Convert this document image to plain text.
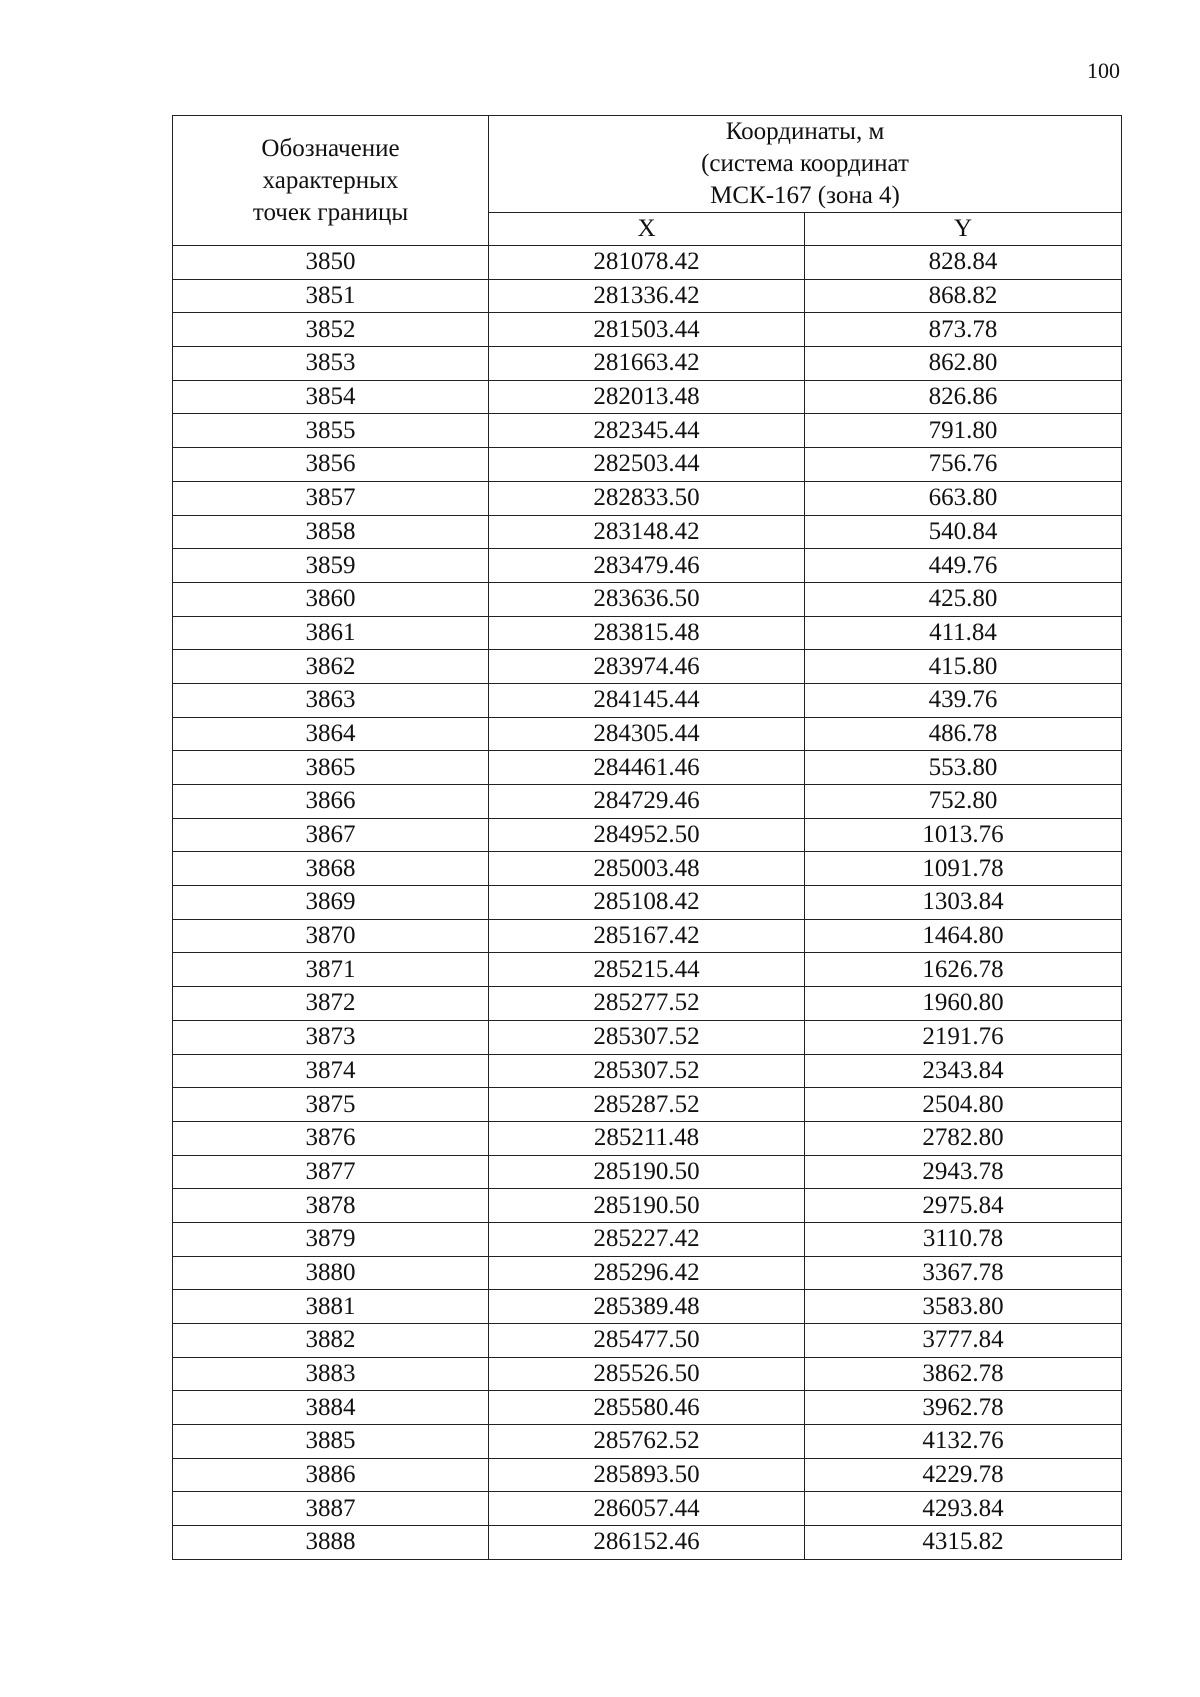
100
Обозначение
характерных
точек границы	Координаты, м
(система координат
МСК-167 (зона 4)	

	X	Y
3850	281078.42	828.84
3851	281336.42	868.82
3852	281503.44	873.78
3853	281663.42	862.80
3854	282013.48	826.86
3855	282345.44	791.80
3856	282503.44	756.76
3857	282833.50	663.80
3858	283148.42	540.84
3859	283479.46	449.76
3860	283636.50	425.80
3861	283815.48	411.84
3862	283974.46	415.80
3863	284145.44	439.76
3864	284305.44	486.78
3865	284461.46	553.80
3866	284729.46	752.80
3867	284952.50	1013.76
3868	285003.48	1091.78
3869	285108.42	1303.84
3870	285167.42	1464.80
3871	285215.44	1626.78
3872	285277.52	1960.80
3873	285307.52	2191.76
3874	285307.52	2343.84
3875	285287.52	2504.80
3876	285211.48	2782.80
3877	285190.50	2943.78
3878	285190.50	2975.84
3879	285227.42	3110.78
3880	285296.42	3367.78
3881	285389.48	3583.80
3882	285477.50	3777.84
3883	285526.50	3862.78
3884	285580.46	3962.78
3885	285762.52	4132.76
3886	285893.50	4229.78
3887	286057.44	4293.84
3888	286152.46	4315.82
